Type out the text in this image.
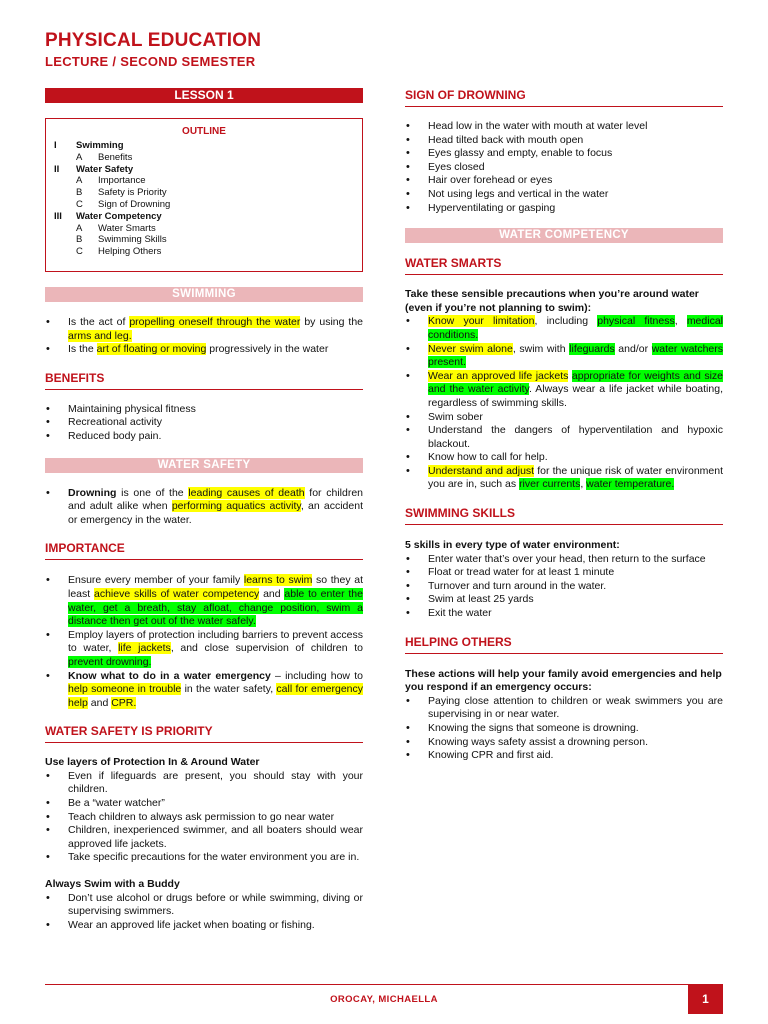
PHYSICAL EDUCATION
LECTURE / SECOND SEMESTER
LESSON 1
OUTLINE
I	Swimming
A	Benefits
II	Water Safety
A	Importance
B	Safety is Priority
C	Sign of Drowning
III	Water Competency
A	Water Smarts
B	Swimming Skills
C	Helping Others
SWIMMING
• Is the act of propelling oneself through the water by using the arms and leg.
• Is the art of floating or moving progressively in the water
BENEFITS
• Maintaining physical fitness
• Recreational activity
• Reduced body pain.
WATER SAFETY
• Drowning is one of the leading causes of death for children and adult alike when performing aquatics activity, an accident or emergency in the water.
IMPORTANCE
• Ensure every member of your family learns to swim so they at least achieve skills of water competency and able to enter the water, get a breath, stay afloat, change position, swim a distance then get out of the water safely.
• Employ layers of protection including barriers to prevent access to water, life jackets, and close supervision of children to prevent drowning.
• Know what to do in a water emergency – including how to help someone in trouble in the water safety, call for emergency help and CPR.
WATER SAFETY IS PRIORITY
Use layers of Protection In & Around Water
• Even if lifeguards are present, you should stay with your children.
• Be a “water watcher”
• Teach children to always ask permission to go near water
• Children, inexperienced swimmer, and all boaters should wear approved life jackets.
• Take specific precautions for the water environment you are in.
Always Swim with a Buddy
• Don’t use alcohol or drugs before or while swimming, diving or supervising swimmers.
• Wear an approved life jacket when boating or fishing.
SIGN OF DROWNING
• Head low in the water with mouth at water level
• Head tilted back with mouth open
• Eyes glassy and empty, enable to focus
• Eyes closed
• Hair over forehead or eyes
• Not using legs and vertical in the water
• Hyperventilating or gasping
WATER COMPETENCY
WATER SMARTS
Take these sensible precautions when you’re around water (even if you’re not planning to swim):
• Know your limitation, including physical fitness, medical conditions.
• Never swim alone, swim with lifeguards and/or water watchers present.
• Wear an approved life jackets appropriate for weights and size and the water activity. Always wear a life jacket while boating, regardless of swimming skills.
• Swim sober
• Understand the dangers of hyperventilation and hypoxic blackout.
• Know how to call for help.
• Understand and adjust for the unique risk of water environment you are in, such as river currents, water temperature.
SWIMMING SKILLS
5 skills in every type of water environment:
• Enter water that’s over your head, then return to the surface
• Float or tread water for at least 1 minute
• Turnover and turn around in the water.
• Swim at least 25 yards
• Exit the water
HELPING OTHERS
These actions will help your family avoid emergencies and help you respond if an emergency occurs:
• Paying close attention to children or weak swimmers you are supervising in or near water.
• Knowing the signs that someone is drowning.
• Knowing ways safety assist a drowning person.
• Knowing CPR and first aid.
OROCAY, MICHAELLA	1
